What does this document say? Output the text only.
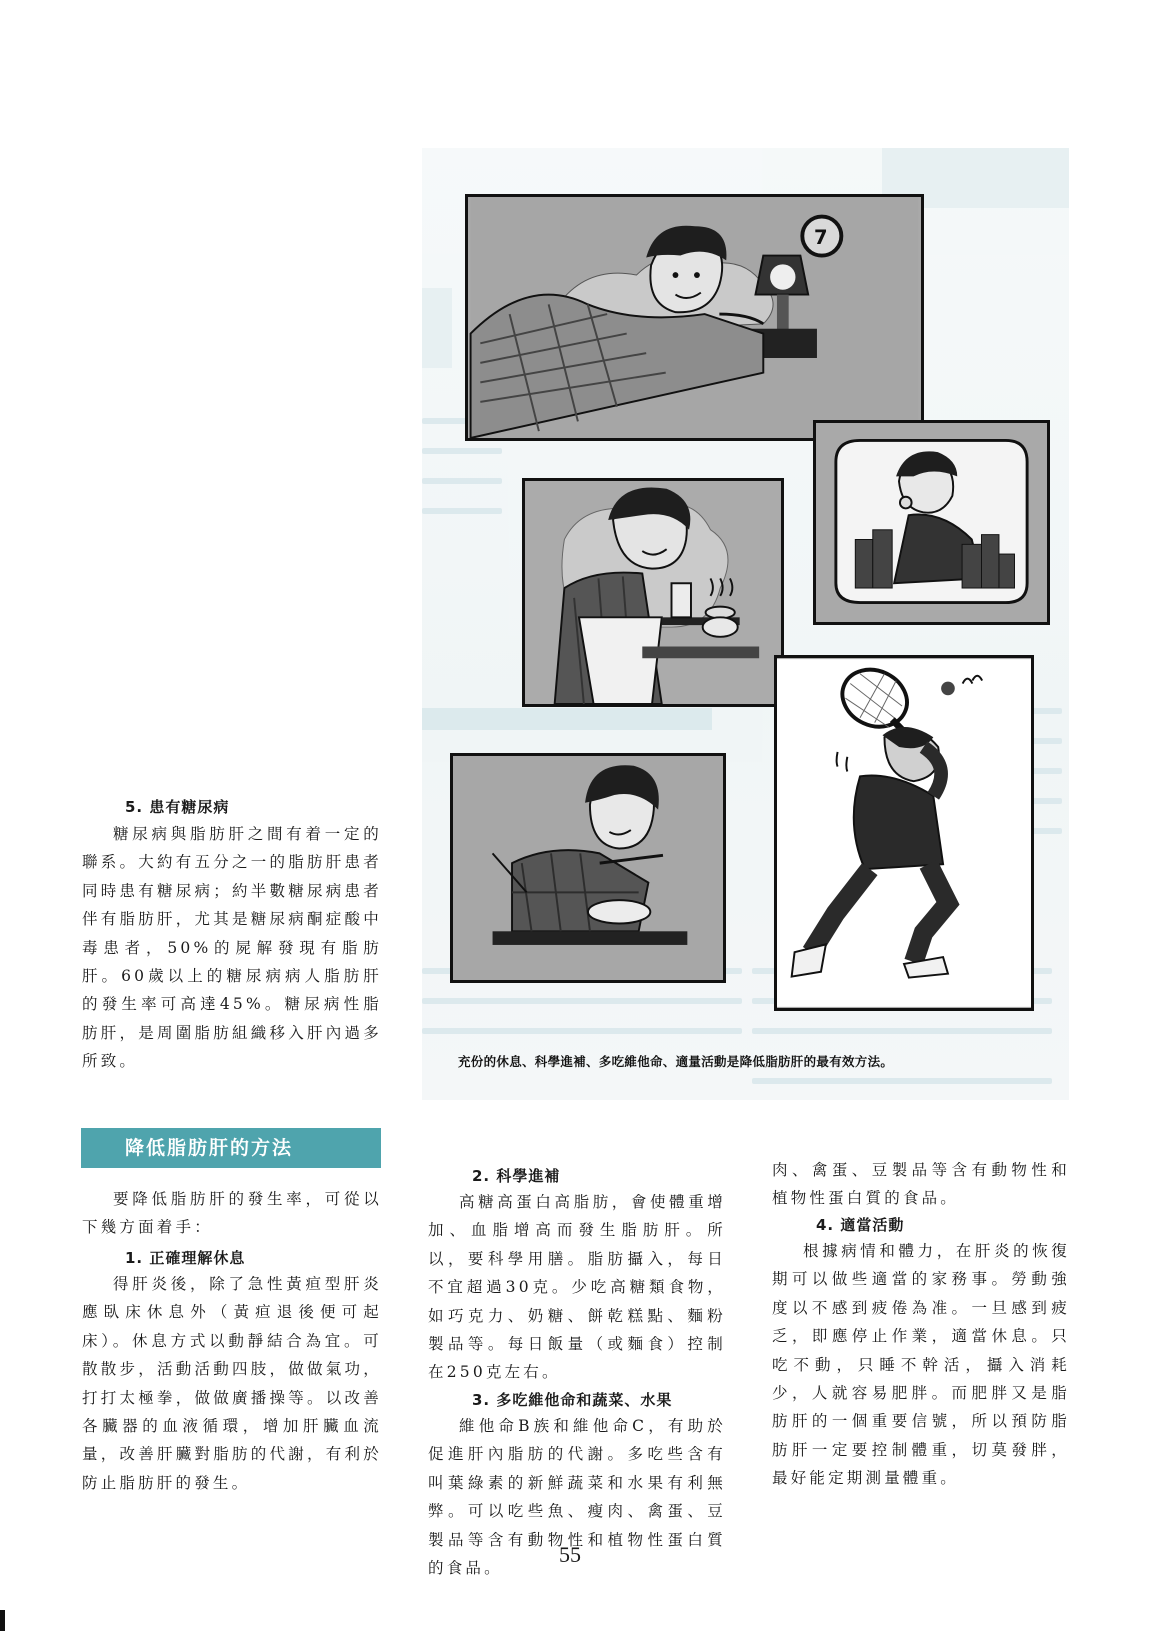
7
5. 患有糖尿病
糖尿病與脂肪肝之間有着一定的聯系。大約有五分之一的脂肪肝患者同時患有糖尿病；約半數糖尿病患者伴有脂肪肝，尤其是糖尿病酮症酸中毒患者，50%的屍解發現有脂肪肝。60歲以上的糖尿病病人脂肪肝的發生率可高達45%。糖尿病性脂肪肝，是周圍脂肪組織移入肝內過多所致。
降低脂肪肝的方法
要降低脂肪肝的發生率，可從以下幾方面着手：
1. 正確理解休息
得肝炎後，除了急性黃疸型肝炎應臥床休息外（黃疸退後便可起床）。休息方式以動靜結合為宜。可散散步，活動活動四肢，做做氣功，打打太極拳，做做廣播操等。以改善各臟器的血液循環，增加肝臟血流量，改善肝臟對脂肪的代謝，有利於防止脂肪肝的發生。
2. 科學進補
高糖高蛋白高脂肪，會使體重增加、血脂增高而發生脂肪肝。所以，要科學用膳。脂肪攝入，每日不宜超過30克。少吃高糖類食物，如巧克力、奶糖、餅乾糕點、麵粉製品等。每日飯量（或麵食）控制在250克左右。
3. 多吃維他命和蔬菜、水果
維他命B族和維他命C，有助於促進肝內脂肪的代謝。多吃些含有叫葉綠素的新鮮蔬菜和水果有利無弊。可以吃些魚、瘦肉、禽蛋、豆製品等含有動物性和植物性蛋白質的食品。
肉、禽蛋、豆製品等含有動物性和植物性蛋白質的食品。
4. 適當活動
根據病情和體力，在肝炎的恢復期可以做些適當的家務事。勞動強度以不感到疲倦為准。一旦感到疲乏，即應停止作業，適當休息。只吃不動，只睡不幹活，攝入消耗少，人就容易肥胖。而肥胖又是脂肪肝的一個重要信號，所以預防脂肪肝一定要控制體重，切莫發胖，最好能定期測量體重。
充份的休息、科學進補、多吃維他命、適量活動是降低脂肪肝的最有效方法。
55
